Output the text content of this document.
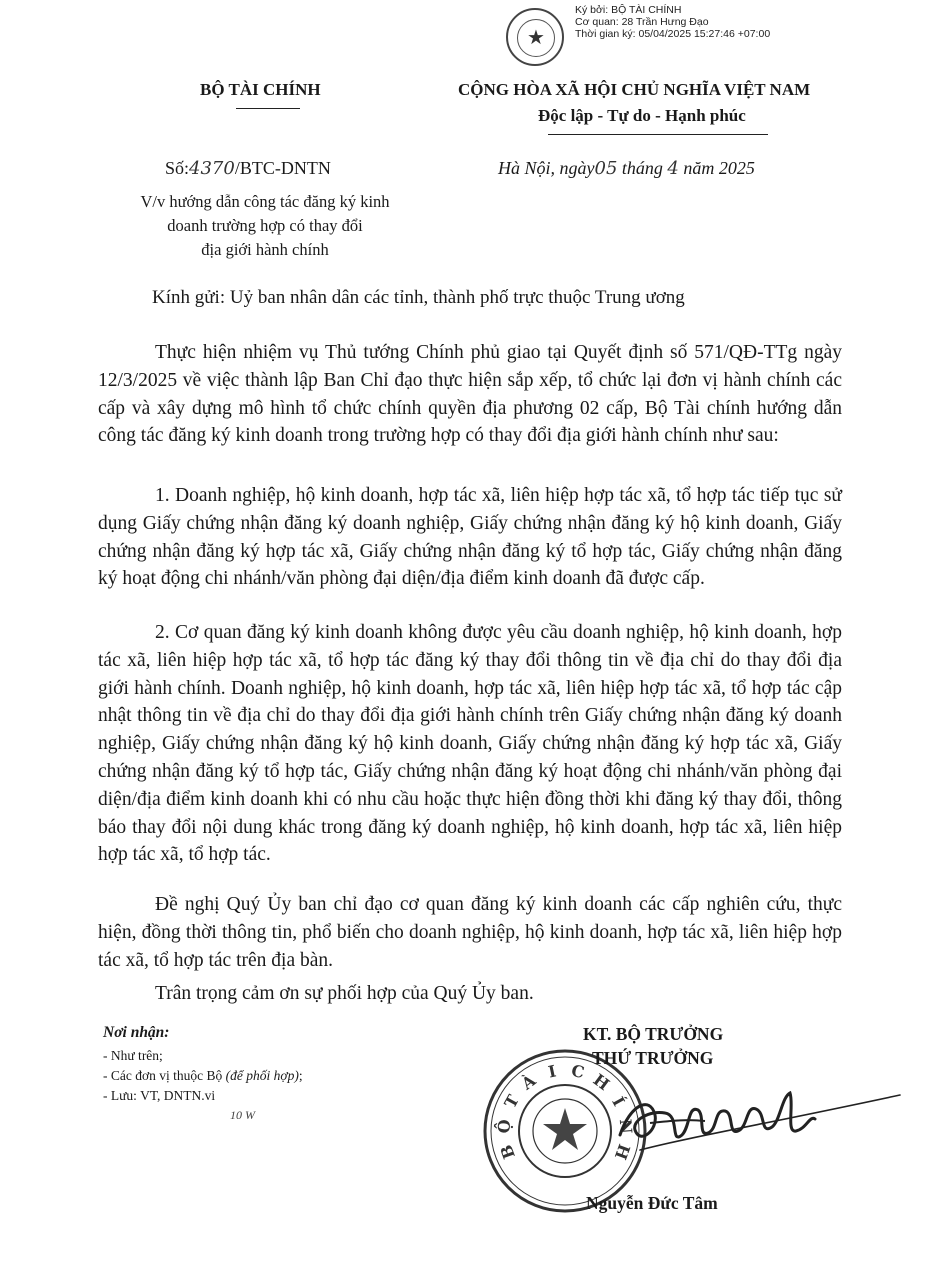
★
Ký bởi: BỘ TÀI CHÍNH
Cơ quan: 28 Trần Hưng Đạo
Thời gian ký: 05/04/2025 15:27:46 +07:00
BỘ TÀI CHÍNH	CỘNG HÒA XÃ HỘI CHỦ NGHĨA VIỆT NAM
Độc lập - Tự do - Hạnh phúc
Số:4370/BTC-DNTN	Hà Nội, ngày05 tháng 4 năm 2025
V/v hướng dẫn công tác đăng ký kinh
doanh trường hợp có thay đổi
địa giới hành chính
Kính gửi: Uỷ ban nhân dân các tỉnh, thành phố trực thuộc Trung ương

Thực hiện nhiệm vụ Thủ tướng Chính phủ giao tại Quyết định số 571/QĐ-TTg ngày 12/3/2025 về việc thành lập Ban Chỉ đạo thực hiện sắp xếp, tổ chức lại đơn vị hành chính các cấp và xây dựng mô hình tổ chức chính quyền địa phương 02 cấp, Bộ Tài chính hướng dẫn công tác đăng ký kinh doanh trong trường hợp có thay đổi địa giới hành chính như sau:

1. Doanh nghiệp, hộ kinh doanh, hợp tác xã, liên hiệp hợp tác xã, tổ hợp tác tiếp tục sử dụng Giấy chứng nhận đăng ký doanh nghiệp, Giấy chứng nhận đăng ký hộ kinh doanh, Giấy chứng nhận đăng ký hợp tác xã, Giấy chứng nhận đăng ký tổ hợp tác, Giấy chứng nhận đăng ký hoạt động chi nhánh/văn phòng đại diện/địa điểm kinh doanh đã được cấp.

2. Cơ quan đăng ký kinh doanh không được yêu cầu doanh nghiệp, hộ kinh doanh, hợp tác xã, liên hiệp hợp tác xã, tổ hợp tác đăng ký thay đổi thông tin về địa chỉ do thay đổi địa giới hành chính. Doanh nghiệp, hộ kinh doanh, hợp tác xã, liên hiệp hợp tác xã, tổ hợp tác cập nhật thông tin về địa chỉ do thay đổi địa giới hành chính trên Giấy chứng nhận đăng ký doanh nghiệp, Giấy chứng nhận đăng ký hộ kinh doanh, Giấy chứng nhận đăng ký hợp tác xã, Giấy chứng nhận đăng ký tổ hợp tác, Giấy chứng nhận đăng ký hoạt động chi nhánh/văn phòng đại diện/địa điểm kinh doanh khi có nhu cầu hoặc thực hiện đồng thời khi đăng ký thay đổi, thông báo thay đổi nội dung khác trong đăng ký doanh nghiệp, hộ kinh doanh, hợp tác xã, liên hiệp hợp tác xã, tổ hợp tác.

Đề nghị Quý Ủy ban chỉ đạo cơ quan đăng ký kinh doanh các cấp nghiên cứu, thực hiện, đồng thời thông tin, phổ biến cho doanh nghiệp, hộ kinh doanh, hợp tác xã, liên hiệp hợp tác xã, tổ hợp tác trên địa bàn.

Trân trọng cảm ơn sự phối hợp của Quý Ủy ban.

Nơi nhận:
- Như trên;
- Các đơn vị thuộc Bộ (để phối hợp);
- Lưu: VT, DNTN.vi
10 W
B
Ộ
T
À I C H
Í
N
H
KT. BỘ TRƯỞNG
THỨ TRƯỞNG
Nguyễn Đức Tâm
